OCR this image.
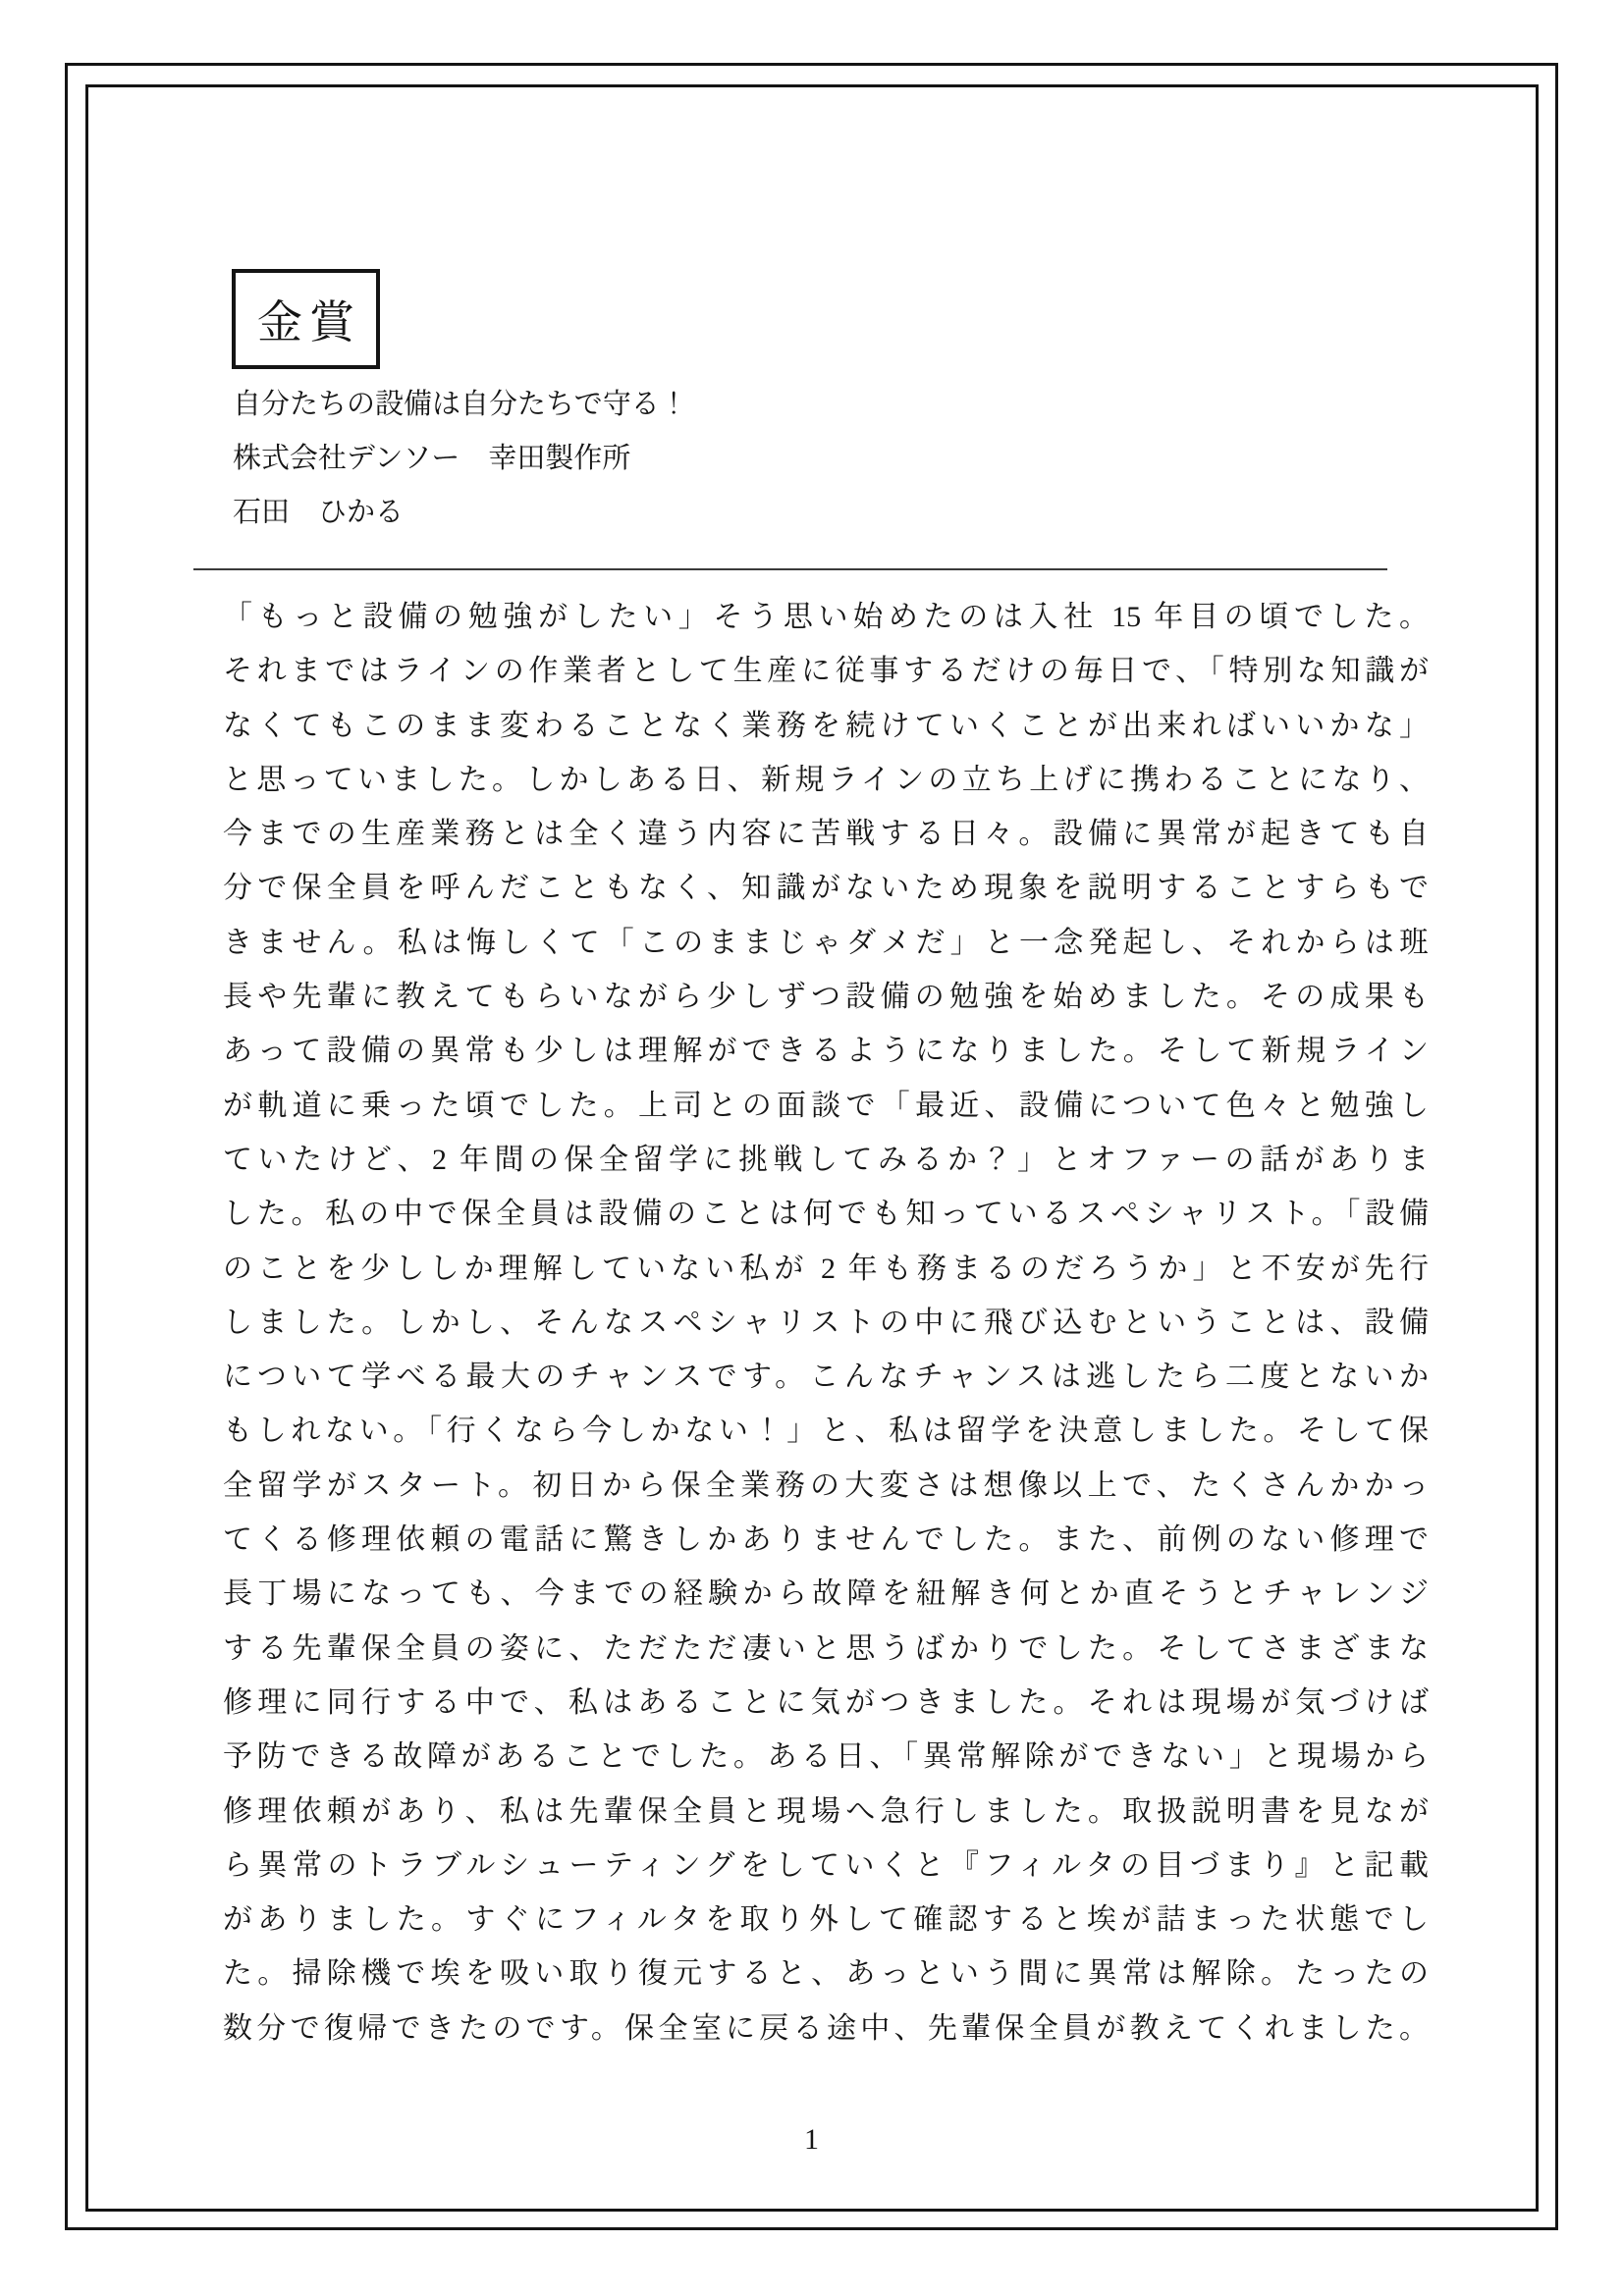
金賞
自分たちの設備は自分たちで守る！
株式会社デンソー　幸田製作所
石田　ひかる
「もっと設備の勉強がしたい」そう思い始めたのは入社 15 年目の頃でした。
それまではラインの作業者として生産に従事するだけの毎日で、「特別な知識が
なくてもこのまま変わることなく業務を続けていくことが出来ればいいかな」
と思っていました。しかしある日、新規ラインの立ち上げに携わることになり、
今までの生産業務とは全く違う内容に苦戦する日々。設備に異常が起きても自
分で保全員を呼んだこともなく、知識がないため現象を説明することすらもで
きません。私は悔しくて「このままじゃダメだ」と一念発起し、それからは班
長や先輩に教えてもらいながら少しずつ設備の勉強を始めました。その成果も
あって設備の異常も少しは理解ができるようになりました。そして新規ライン
が軌道に乗った頃でした。上司との面談で「最近、設備について色々と勉強し
ていたけど、2 年間の保全留学に挑戦してみるか？」とオファーの話がありま
した。私の中で保全員は設備のことは何でも知っているスペシャリスト。「設備
のことを少ししか理解していない私が 2 年も務まるのだろうか」と不安が先行
しました。しかし、そんなスペシャリストの中に飛び込むということは、設備
について学べる最大のチャンスです。こんなチャンスは逃したら二度とないか
もしれない。「行くなら今しかない！」と、私は留学を決意しました。そして保
全留学がスタート。初日から保全業務の大変さは想像以上で、たくさんかかっ
てくる修理依頼の電話に驚きしかありませんでした。また、前例のない修理で
長丁場になっても、今までの経験から故障を紐解き何とか直そうとチャレンジ
する先輩保全員の姿に、ただただ凄いと思うばかりでした。そしてさまざまな
修理に同行する中で、私はあることに気がつきました。それは現場が気づけば
予防できる故障があることでした。ある日、「異常解除ができない」と現場から
修理依頼があり、私は先輩保全員と現場へ急行しました。取扱説明書を見なが
ら異常のトラブルシューティングをしていくと『フィルタの目づまり』と記載
がありました。すぐにフィルタを取り外して確認すると埃が詰まった状態でし
た。掃除機で埃を吸い取り復元すると、あっという間に異常は解除。たったの
数分で復帰できたのです。保全室に戻る途中、先輩保全員が教えてくれました。
1
